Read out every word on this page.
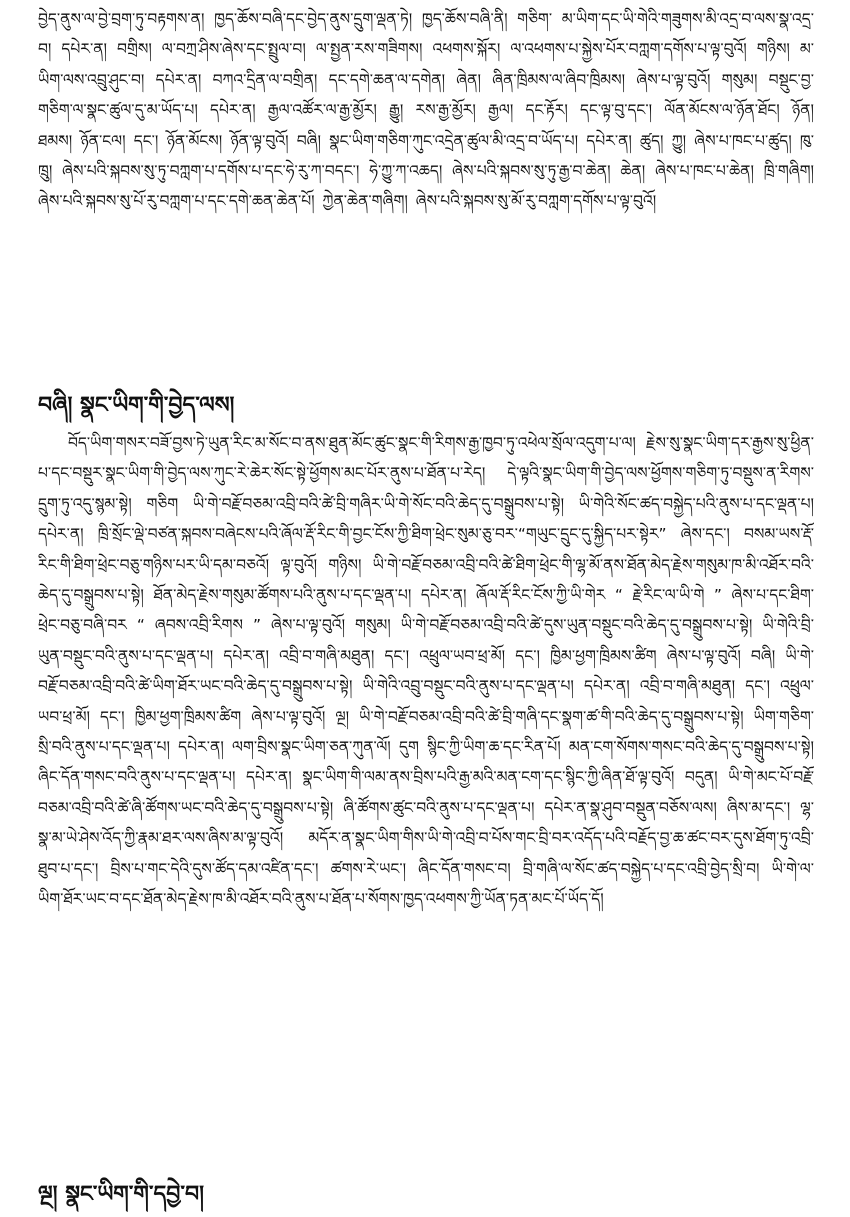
བྱེད་ནུས་ལ་བྱེ་བྲག་ཏུ་བརྟགས་ན། ཁྱད་ཆོས་བཞི་དང་བྱེད་ནུས་དྲུག་ལྡན་ཏེ། ཁྱད་ཆོས་བཞི་ནི། གཅིག་ མ་ཡིག་དང་ཡི་གེའི་གཟུགས་མི་འདྲ་བ་ལས་སྣ་འདྲ་བ། དཔེར་ན། བགྲིས། ལ་བཀྲ་ཤིས་ཞེས་དང་སྤྲུལ་བ། ལ་སྤྱན་རས་གཟིགས། འཕགས་སྐོར། ལ་འཕགས་པ་སྐྱེས་པོར་བཀླག་དགོས་པ་ལྟ་བུའོ། གཉིས། མ་ཡིག་ལས་འབྲུ་ཤུང་བ། དཔེར་ན། བཀའ་དྲིན་ལ་བགྲིན། དང་དགེ་ཆན་ལ་དགེན། ཞེན། ཞིན་ཁྲིམས་ལ་ཞིབ་ཁྲིམས། ཞེས་པ་ལྟ་བུའོ། གསུམ། བསྡུང་བྱ་གཅིག་ལ་སྣང་ཚུལ་དུ་མ་ཡོད་པ། དཔེར་ན། རྒྱལ་འཚོར་ལ་རྒྱ་མྱོར། རྒྱུ། རས་རྒྱ་མྱོར། རྒྱལ། དང་རྟོར། དང་ལྟ་བུ་དང་། ལོན་མོངས་ལ་ཉོན་ཐོང། ཉོན། ཐམས། ཉོན་ངལ། དང་། ཉོན་མོངས། ཉོན་ལྟ་བུའོ། བཞི། སྣང་ཡིག་གཅིག་ཀུང་འདྲེན་ཚུལ་མི་འདྲ་བ་ཡོད་པ། དཔེར་ན། ཚུད། ཀྱུ། ཞེས་པ་ཁང་པ་ཚུད། ཁུ་ཁྲུ། ཞེས་པའི་སྐབས་སུ་ཏུ་བཀླག་པ་དགོས་པ་དང་ཧེ་རུ་ཀ་བདང་། ཧེ་ཀྱུ་ཀ་འཆད། ཞེས་པའི་སྐབས་སུ་ཏུ་རྒྱ་བ་ཆེན། ཆེན། ཞེས་པ་ཁང་པ་ཆེན། ཁྲི་གཞིག། ཞེས་པའི་སྐབས་སུ་པོ་རུ་བཀླག་པ་དང་དགེ་ཆན་ཆེན་པོ། ཀྱེན་ཆེན་གཞིག། ཞེས་པའི་སྐབས་སུ་མོ་རུ་བཀླག་དགོས་པ་ལྟ་བུའོ།
བཞི། སྣང་ཡིག་གི་བྱེད་ལས།
བོད་ཡིག་གསར་བཟོ་བྱས་ཏེ་ཡུན་རིང་མ་སོང་བ་ནས་ཐུན་མོང་ཚུང་སྣང་གི་རིགས་རྒྱ་ཁྱབ་ཏུ་འཕེལ་སྲོལ་འདུག་པ་ལ། རྗེས་སུ་སྣང་ཡིག་དར་རྒྱས་སུ་ཕྱིན་པ་དང་བསྡུར་སྣང་ཡིག་གི་བྱེད་ལས་ཀུང་རེ་ཆེར་སོང་སྟེ་ཕྱོགས་མང་པོར་ནུས་པ་ཐོན་པ་རེད། དེ་ལྟའི་སྣང་ཡིག་གི་བྱེད་ལས་ཕྱོགས་གཅིག་ཏུ་བསྡུས་ན་རིགས་དྲུག་ཏུ་འདུ་སྙམ་སྟེ། གཅིག ཡི་གེ་བརྗོ་བཅམ་འབྲི་བའི་ཚེ་བྲི་གཞིར་ཡི་གེ་སོང་བའི་ཆེད་དུ་བསྒྲུབས་པ་སྟེ། ཡི་གེའི་སོང་ཚད་བསྐྱེད་པའི་ནུས་པ་དང་ལྡན་པ། དཔེར་ན། ཁྲི་སྲོང་ལྡེ་བཙན་སྐབས་བཞེངས་པའི་ཞོལ་རྡོ་རིང་གི་བྱང་ངོས་ཀྱི་ཐིག་ཕྲེང་སུམ་ཅུ་བར་“གཡུང་དྲུང་དུ་སྐྱིད་པར་སྟེར” ཞེས་དང་། བསམ་ཡས་རྡོ་རིང་གི་ཐིག་ཕྲེང་བཅུ་གཉིས་པར་ཡི་དམ་བཅའོ། ལྟ་བུའོ། གཉིས། ཡི་གེ་བརྗོ་བཅམ་འབྲི་བའི་ཚེ་ཐིག་ཕྲེང་གི་ལྷ་མོ་ནས་ཐོན་མེད་རྗེས་གསུམ་ཁ་མི་འཐོར་བའི་ཆེད་དུ་བསྒྲུབས་པ་སྟེ། ཐོན་མེད་རྗེས་གསུམ་ཚོགས་པའི་ནུས་པ་དང་ལྡན་པ། དཔེར་ན། ཞོལ་རྡོ་རིང་ངོས་ཀྱི་ཡི་གེར “ རྗེ་རིང་ལ་ཡི་གེ ” ཞེས་པ་དང་ཐིག་ཕྲེང་བཅུ་བཞི་བར “ ཞབས་འབྲི་རིགས ” ཞེས་པ་ལྟ་བུའོ། གསུམ། ཡི་གེ་བརྗོ་བཅམ་འབྲི་བའི་ཚེ་དུས་ཡུན་བསྡུང་བའི་ཆེད་དུ་བསྒྲུབས་པ་སྟེ། ཡི་གེའི་བྲི་ཡུན་བསྡུང་བའི་ནུས་པ་དང་ལྡན་པ། དཔེར་ན། འབྲི་བ་གཞི་མཐུན། དང་། འཕྲུལ་ཡབ་ཕྲ་མོ། དང་། ཁྱིམ་ཕྱག་ཁྲིམས་ཚིག ཞེས་པ་ལྟ་བུའོ། བཞི། ཡི་གེ་བརྗོ་བཅམ་འབྲི་བའི་ཚེ་ཡིག་ཐོར་ཡང་བའི་ཆེད་དུ་བསྒྲུབས་པ་སྟེ། ཡི་གེའི་འབྲུ་བསྡུང་བའི་ནུས་པ་དང་ལྡན་པ། དཔེར་ན། འབྲི་བ་གཞི་མཐུན། དང་། འཕྲུལ་ཡབ་ཕྲ་མོ། དང་། ཁྱིམ་ཕྱག་ཁྲིམས་ཚིག ཞེས་པ་ལྟ་བུའོ། ལྔ། ཡི་གེ་བརྗོ་བཅམ་འབྲི་བའི་ཚེ་བྲི་གཞི་དང་སྣག་ཚ་གི་བའི་ཆེད་དུ་བསྒྲུབས་པ་སྟེ། ཡིག་གཅིག་སྲི་བའི་ནུས་པ་དང་ལྡན་པ། དཔེར་ན། ལག་བྲིས་སྣང་ཡིག་ཅན་ཀུན་ལོ། དུག སྙིང་ཀྱི་ཡིག་ཆ་དང་རིན་པོ། མན་ངག་སོགས་གསང་བའི་ཆེད་དུ་བསྒྲུབས་པ་སྟེ། ཞིང་དོན་གསང་བའི་ནུས་པ་དང་ལྡན་པ། དཔེར་ན། སྣང་ཡིག་གི་ལམ་ནས་བྲིས་པའི་རྒྱ་མའི་མན་ངག་དང་སྙིང་ཀྱི་ཞིན་ཐོ་ལྟ་བུའོ། བདུན། ཡི་གེ་མང་པོ་བརྗོ་བཅམ་འབྲི་བའི་ཚེ་ཞི་ཚོགས་ཡང་བའི་ཆེད་དུ་བསྒྲུབས་པ་སྟེ། ཞི་ཚོགས་ཚུང་བའི་ནུས་པ་དང་ལྡན་པ། དཔེར་ན་སྣ་ཤུབ་བསྡུན་བཅོས་ལས། ཞིས་མ་དང་། ལྷ་སྣ་མ་ཡེ་ཤེས་འོད་ཀྱི་རྣམ་ཐར་ལས་ཞིས་མ་ལྟ་བུའོ། མདོར་ན་སྣང་ཡིག་གིས་ཡི་གེ་འབྲི་བ་པོས་གང་བྲི་བར་འདོད་པའི་བརྗོད་བྱ་ཆ་ཚང་བར་དུས་ཐོག་ཏུ་འབྲི་ཐུབ་པ་དང་། བྲིས་པ་གང་དེའི་དུས་ཚོད་དམ་འཛིན་དང་། ཚགས་རེ་ཡང་། ཞིང་དོན་གསང་བ། བྲི་གཞི་ལ་སོང་ཚད་བསྐྱེད་པ་དང་འབྲི་བྱེད་སྲི་བ། ཡི་གེ་ལ་ཡིག་ཐོར་ཡང་བ་དང་ཐོན་མེད་རྗེས་ཁ་མི་འཐོར་བའི་ནུས་པ་ཐོན་པ་སོགས་ཁྱད་འཕགས་ཀྱི་ཡོན་ཏན་མང་པོ་ཡོད་དོ།
ལྔ། སྣང་ཡིག་གི་དབྱེ་བ།
